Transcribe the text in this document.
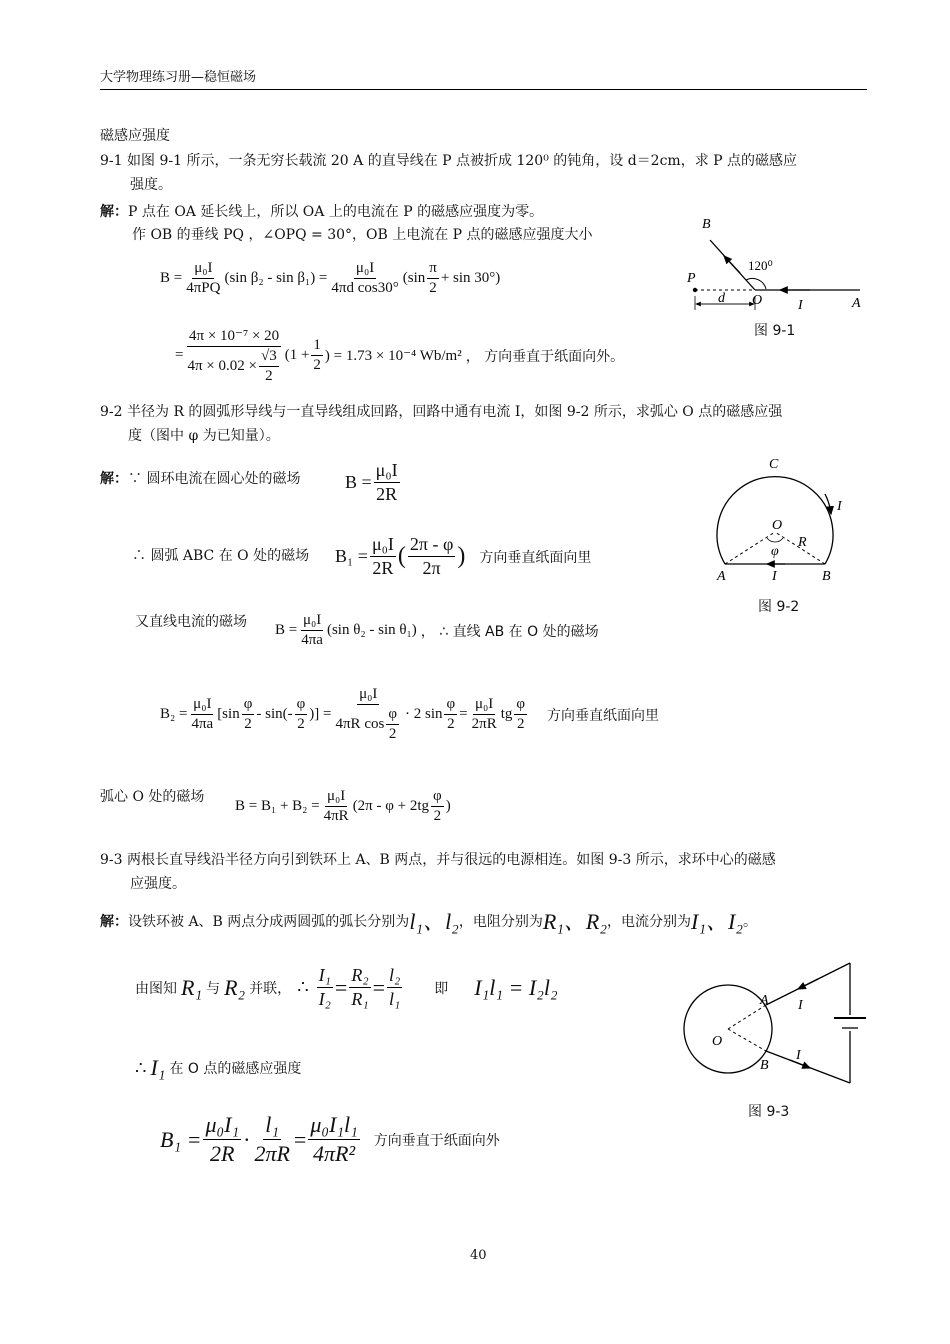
大学物理练习册—稳恒磁场
磁感应强度
9-1 如图 9-1 所示，一条无穷长载流 20 A 的直导线在 P 点被折成 120⁰ 的钝角，设 d＝2cm，求 P 点的磁感应
强度。
解：P 点在 OA 延长线上，所以 OA 上的电流在 P 的磁感应强度为零。
作 OB 的垂线 PQ ，∠OPQ = 30°，OB 上电流在 P 点的磁感应强度大小
$B = \frac{\text{μ₀I}}{\text{4πPQ}} (\sin$ $\beta_2 - \sin \beta_1) = \frac{\text{μ₀I}}{\text{4πd cos30°}} (\sin \frac{\pi}{2} + \sin 30^\circ)$
= $\frac{\text{4π × 10⁻⁷ × 20}}{4\pi \times 0.02 \times \frac{√3}{2}} (1 + \frac{1}{2}$ ) = 1.73 × 10⁻⁴ Wb/m² ， 方向垂直于纸面向外。
B
120⁰
P
d O	I	A
图 9-1
9-2 半径为 R 的圆弧形导线与一直导线组成回路，回路中通有电流 I，如图 9-2 所示，求弧心 O 点的磁感应强
度（图中 φ 为已知量）。
解：∵ 圆环电流在圆心处的磁场 $B = \frac{\text{μ₀I}}{2R}$
∴ 圆弧 ABC 在 O 处的磁场 $B_1 = \frac{\text{μ₀I}}{2R}$ ( $\frac{2\pi - \varphi}{2\pi}$ ) 方向垂直纸面向里
又直线电流的磁场 $B = \frac{\text{μ₀I}}{4\pi a} (\sin$ θ₂ - sin θ₁) ， ∴ 直线 AB 在 O 处的磁场
$B_2 = \frac{\text{μ₀I}}{4\pi a} [\sin \frac{\varphi}{2} - \sin(- \frac{\varphi}{2}$ )] = $\frac{\text{μ₀I}}{4\pi R \cos \frac{\varphi}{2}} \cdot 2$ $\sin \frac{\varphi}{2} = \frac{\text{μ₀I}}{2\pi R}$ tg $\frac{\varphi}{2}$ 方向垂直纸面向里
弧心 O 处的磁场
$B = B_1 + B_2 = \frac{\text{μ₀I}}{4\pi R} (2\pi - \varphi + 2tg \frac{\varphi}{2}$ )
C
I
O
R
φ
A	I	B
图 9-2
9-3 两根长直导线沿半径方向引到铁环上 A、B 两点，并与很远的电源相连。如图 9-3 所示，求环中心的磁感
应强度。
解： 设铁环被 A、B 两点分成两圆弧的弧长分别为 l₁、l₂ ，电阻分别为 R₁、R₂ ，电流分别为 I₁、I₂ 。
由图知 R₁ 与 R₂ 并联， ∴ $\frac{\text{I₁}}{\text{I₂}} = \frac{\text{R₂}}{\text{R₁}} = \frac{\text{l₂}}{\text{l₁}}$ 即 I₁l₁ = I₂l₂
∴ I₁ 在 O 点的磁感应强度
$B_1 = \frac{\text{μ₀I₁}}{2R} \cdot \frac{\text{l₁}}{2\pi R} = \frac{\text{μ₀I₁l₁}}{\text{4πR²}}$ 方向垂直于纸面向外
A I
O
I
B
图 9-3
40
